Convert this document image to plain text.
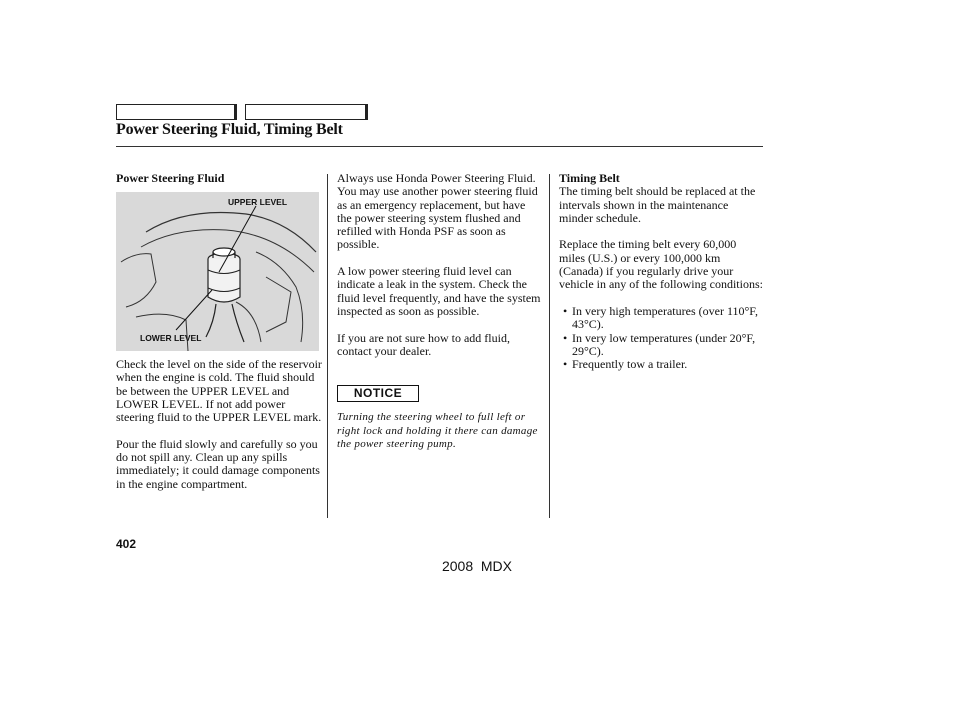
Power Steering Fluid, Timing Belt
Power Steering Fluid
UPPER LEVEL
LOWER LEVEL

Check the level on the side of the reservoir when the engine is cold. The fluid should be between the UPPER LEVEL and LOWER LEVEL. If not add power steering fluid to the UPPER LEVEL mark.

Pour the fluid slowly and carefully so you do not spill any. Clean up any spills immediately; it could damage components in the engine compartment.

Always use Honda Power Steering Fluid. You may use another power steering fluid as an emergency replacement, but have the power steering system flushed and refilled with Honda PSF as soon as possible.

A low power steering fluid level can indicate a leak in the system. Check the fluid level frequently, and have the system inspected as soon as possible.

If you are not sure how to add fluid, contact your dealer.

NOTICE
Turning the steering wheel to full left or right lock and holding it there can damage the power steering pump.
Timing Belt

The timing belt should be replaced at the intervals shown in the maintenance minder schedule.

Replace the timing belt every 60,000 miles (U.S.) or every 100,000 km (Canada) if you regularly drive your vehicle in any of the following conditions:

• In very high temperatures (over 110°F, 43°C).
• In very low temperatures (under 20°F, 29°C).
• Frequently tow a trailer.
402
2008  MDX
